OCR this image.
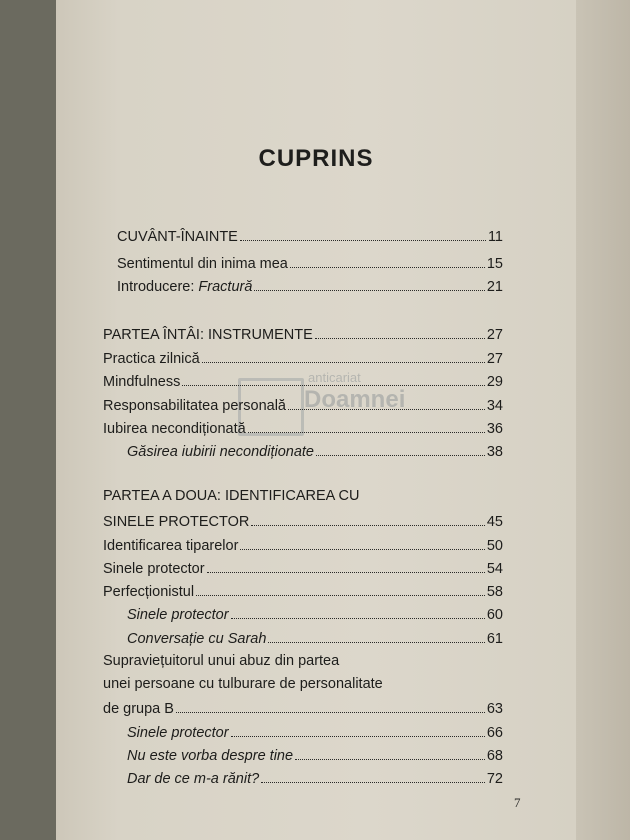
CUPRINS
anticariat
Doamnei
CUVÂNT-ÎNAINTE	11
Sentimentul din inima mea	15
Introducere: Fractură	21
PARTEA ÎNTÂI: INSTRUMENTE	27
Practica zilnică	27
Mindfulness	29
Responsabilitatea personală	34
Iubirea necondiționată	36
Găsirea iubirii necondiționate	38
PARTEA A DOUA: IDENTIFICAREA CU
SINELE PROTECTOR	45
Identificarea tiparelor	50
Sinele protector	54
Perfecționistul	58
Sinele protector	60
Conversație cu Sarah	61
Supraviețuitorul unui abuz din partea
unei persoane cu tulburare de personalitate
de grupa B	63
Sinele protector	66
Nu este vorba despre tine	68
Dar de ce m-a rănit?	72
7
